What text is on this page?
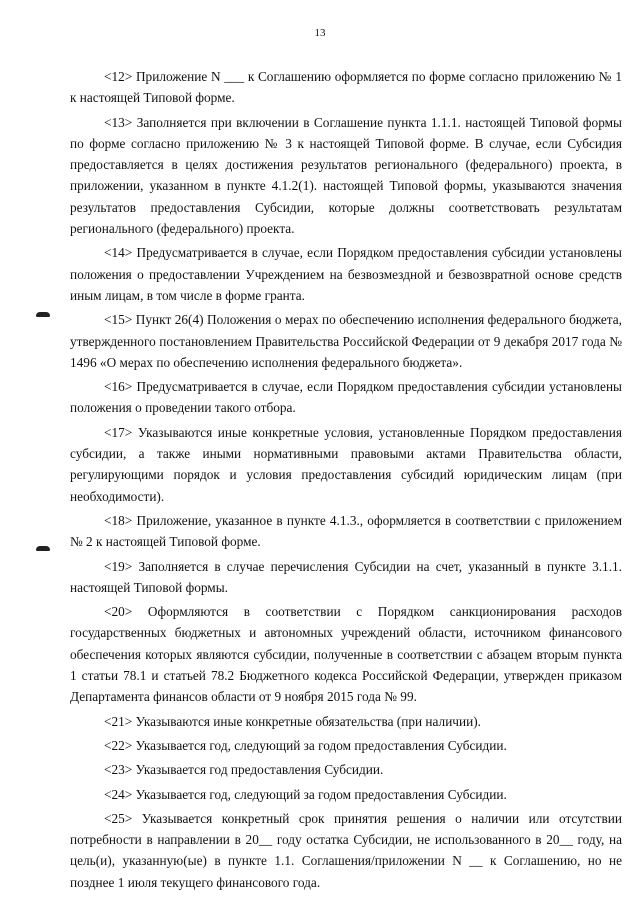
13

<12> Приложение N ___ к Соглашению оформляется по форме согласно приложению № 1 к настоящей Типовой форме.

<13> Заполняется при включении в Соглашение пункта 1.1.1. настоящей Типовой формы по форме согласно приложению № 3 к настоящей Типовой форме. В случае, если Субсидия предоставляется в целях достижения результатов регионального (федерального) проекта, в приложении, указанном в пункте 4.1.2(1). настоящей Типовой формы, указываются значения результатов предоставления Субсидии, которые должны соответствовать результатам регионального (федерального) проекта.

<14> Предусматривается в случае, если Порядком предоставления субсидии установлены положения о предоставлении Учреждением на безвозмездной и безвозвратной основе средств иным лицам, в том числе в форме гранта.

<15> Пункт 26(4) Положения о мерах по обеспечению исполнения федерального бюджета, утвержденного постановлением Правительства Российской Федерации от 9 декабря 2017 года № 1496 «О мерах по обеспечению исполнения федерального бюджета».

<16> Предусматривается в случае, если Порядком предоставления субсидии установлены положения о проведении такого отбора.

<17> Указываются иные конкретные условия, установленные Порядком предоставления субсидии, а также иными нормативными правовыми актами Правительства области, регулирующими порядок и условия предоставления субсидий юридическим лицам (при необходимости).

<18> Приложение, указанное в пункте 4.1.3., оформляется в соответствии с приложением № 2 к настоящей Типовой форме.

<19> Заполняется в случае перечисления Субсидии на счет, указанный в пункте 3.1.1. настоящей Типовой формы.

<20> Оформляются в соответствии с Порядком санкционирования расходов государственных бюджетных и автономных учреждений области, источником финансового обеспечения которых являются субсидии, полученные в соответствии с абзацем вторым пункта 1 статьи 78.1 и статьей 78.2 Бюджетного кодекса Российской Федерации, утвержден приказом Департамента финансов области от 9 ноября 2015 года № 99.

<21> Указываются иные конкретные обязательства (при наличии).

<22> Указывается год, следующий за годом предоставления Субсидии.

<23> Указывается год предоставления Субсидии.

<24> Указывается год, следующий за годом предоставления Субсидии.

<25> Указывается конкретный срок принятия решения о наличии или отсутствии потребности в направлении в 20__ году остатка Субсидии, не использованного в 20__ году, на цель(и), указанную(ые) в пункте 1.1. Соглашения/приложении N __ к Соглашению, но не позднее 1 июля текущего финансового года.
